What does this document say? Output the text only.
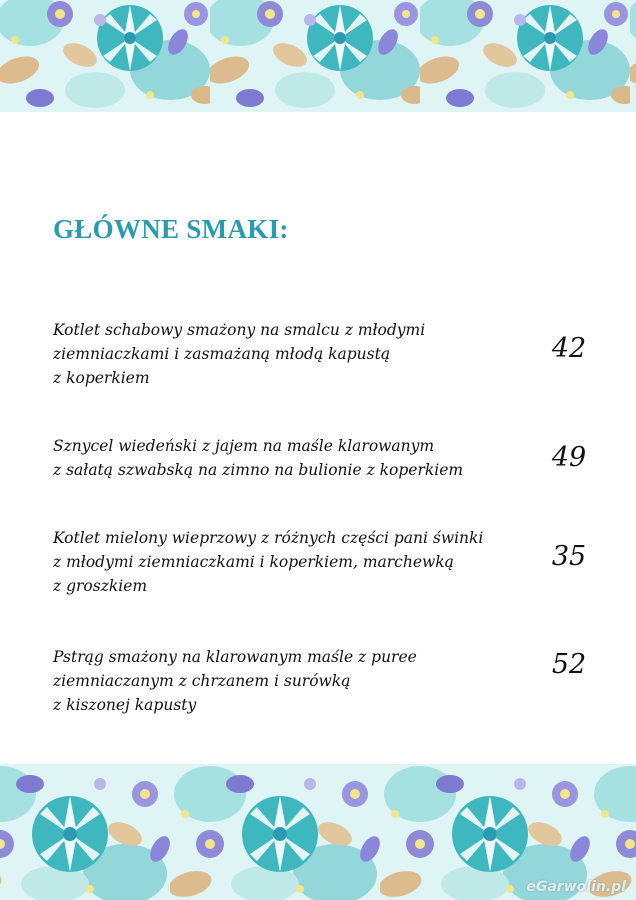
GŁÓWNE SMAKI:
Kotlet schabowy smażony na smalcu z młodymi
ziemniaczkami i zasmażaną młodą kapustą
z koperkiem
42
Sznycel wiedeński z jajem na maśle klarowanym
z sałatą szwabską na zimno na bulionie z koperkiem	49
Kotlet mielony wieprzowy z różnych części pani świnki
z młodymi ziemniaczkami i koperkiem, marchewką
z groszkiem
35
Pstrąg smażony na klarowanym maśle z puree
ziemniaczanym z chrzanem i surówką
z kiszonej kapusty
52
eGarwolin.pl
